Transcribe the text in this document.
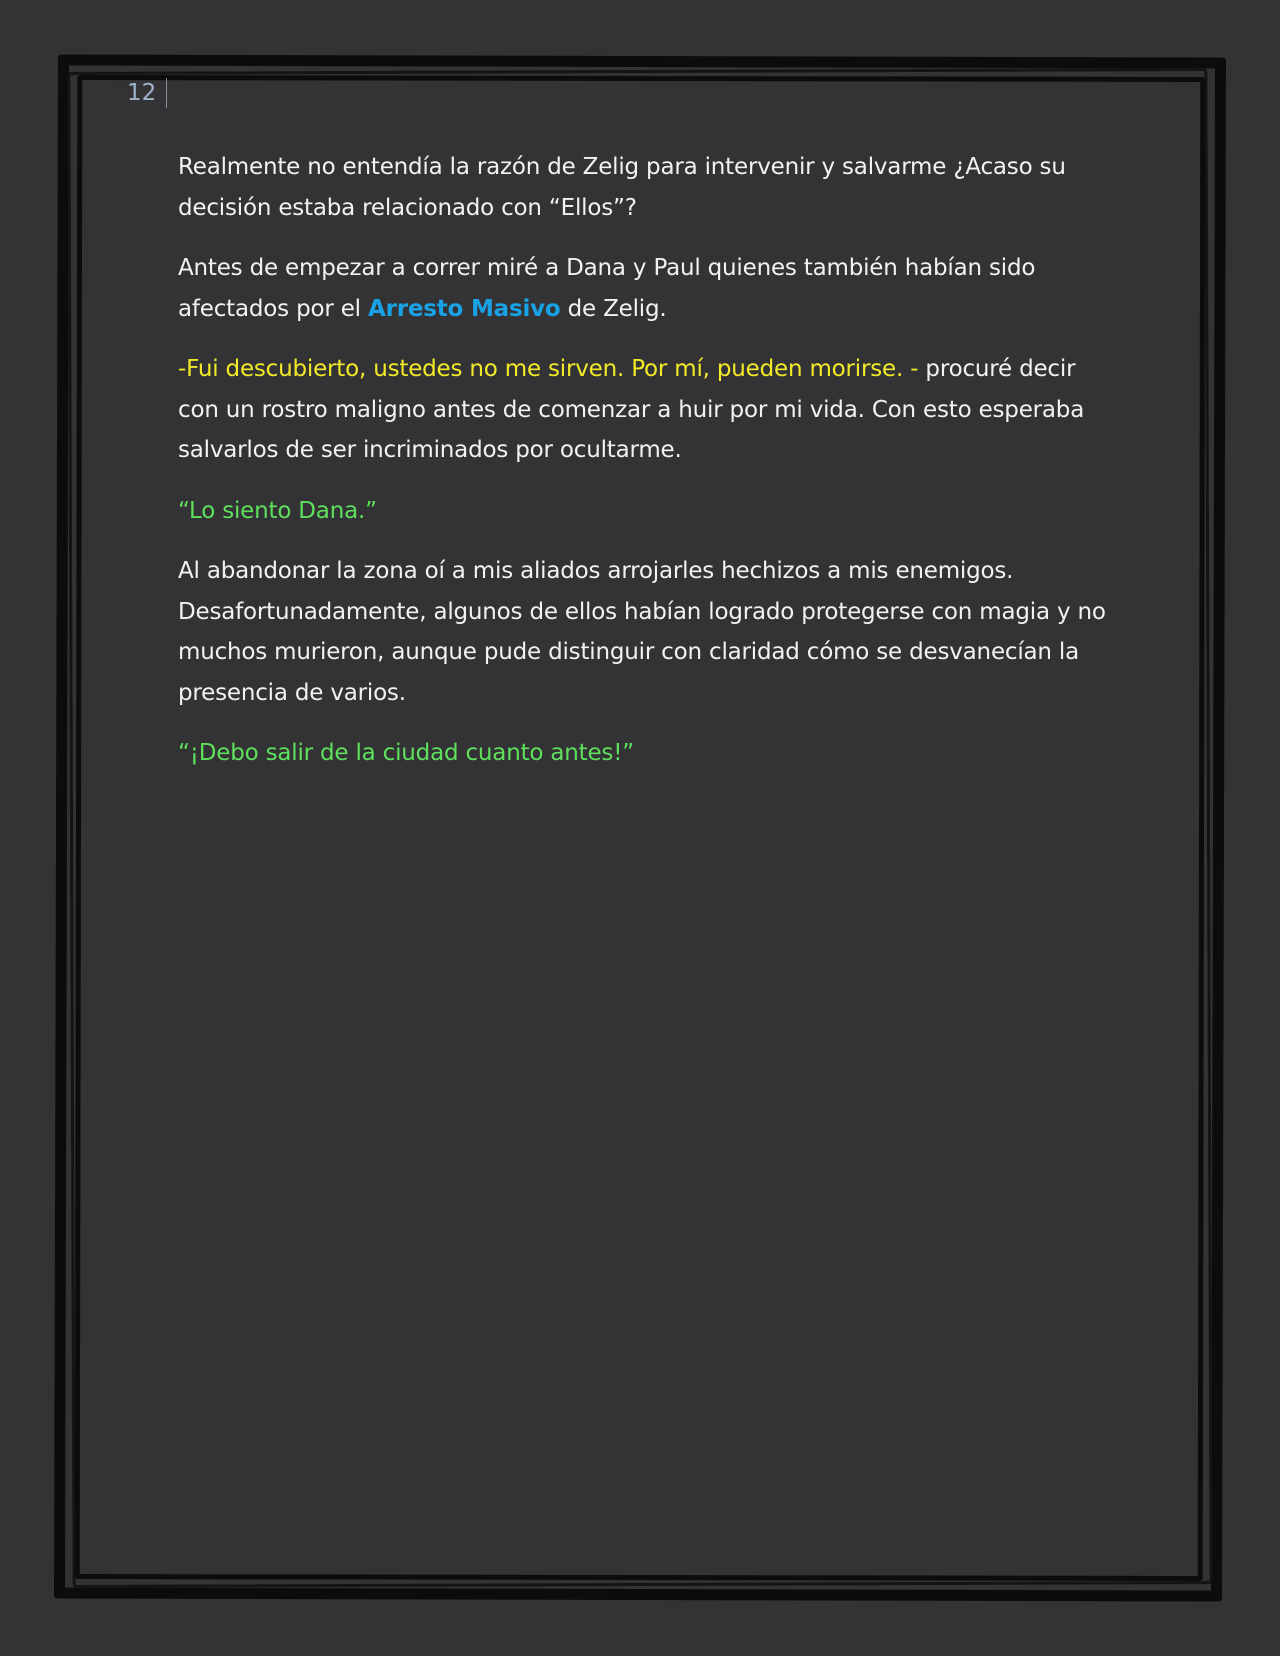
12

Realmente no entendía la razón de Zelig para intervenir y salvarme ¿Acaso su decisión estaba relacionado con “Ellos”?

Antes de empezar a correr miré a Dana y Paul quienes también habían sido afectados por el Arresto Masivo de Zelig.

-Fui descubierto, ustedes no me sirven. Por mí, pueden morirse. - procuré decir con un rostro maligno antes de comenzar a huir por mi vida. Con esto esperaba salvarlos de ser incriminados por ocultarme.

“Lo siento Dana.”

Al abandonar la zona oí a mis aliados arrojarles hechizos a mis enemigos. Desafortunadamente, algunos de ellos habían logrado protegerse con magia y no muchos murieron, aunque pude distinguir con claridad cómo se desvanecían la presencia de varios.

“¡Debo salir de la ciudad cuanto antes!”
